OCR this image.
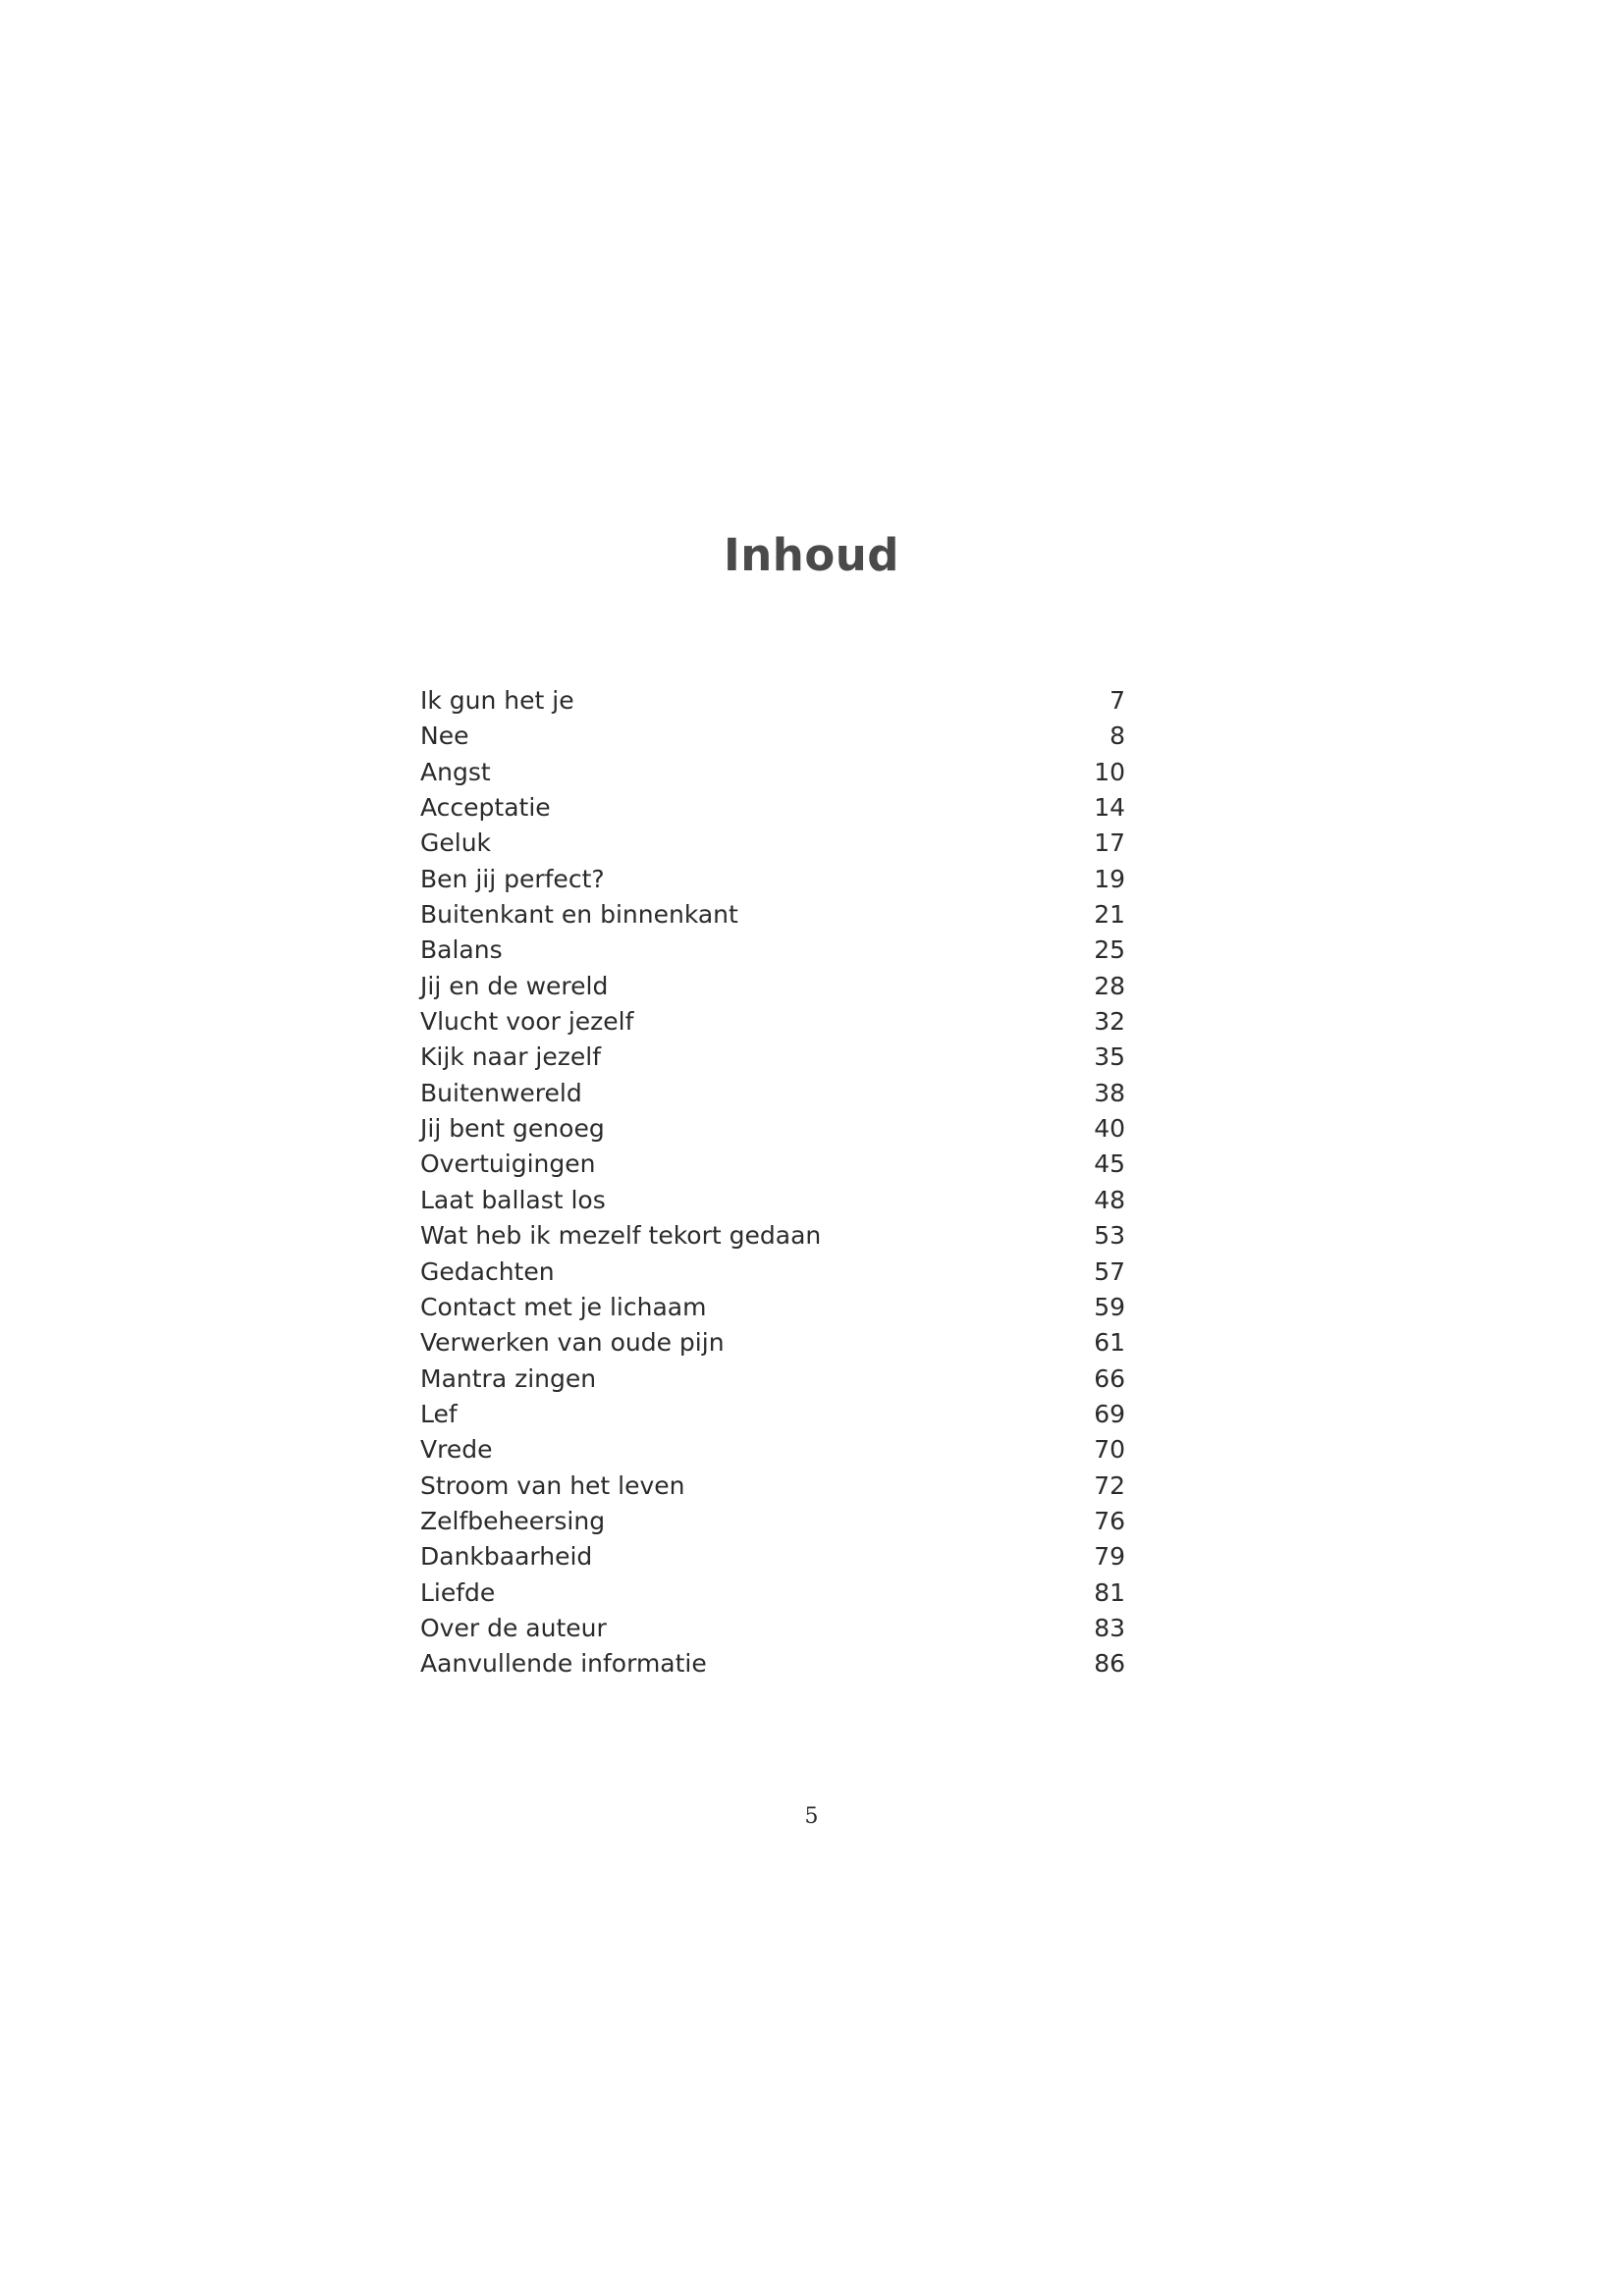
Inhoud
Ik gun het je	7
Nee	8
Angst	10
Acceptatie	14
Geluk	17
Ben jij perfect?	19
Buitenkant en binnenkant	21
Balans	25
Jij en de wereld	28
Vlucht voor jezelf	32
Kijk naar jezelf	35
Buitenwereld	38
Jij bent genoeg	40
Overtuigingen	45
Laat ballast los	48
Wat heb ik mezelf tekort gedaan	53
Gedachten	57
Contact met je lichaam	59
Verwerken van oude pijn	61
Mantra zingen	66
Lef	69
Vrede	70
Stroom van het leven	72
Zelfbeheersing	76
Dankbaarheid	79
Liefde	81
Over de auteur	83
Aanvullende informatie	86
5
